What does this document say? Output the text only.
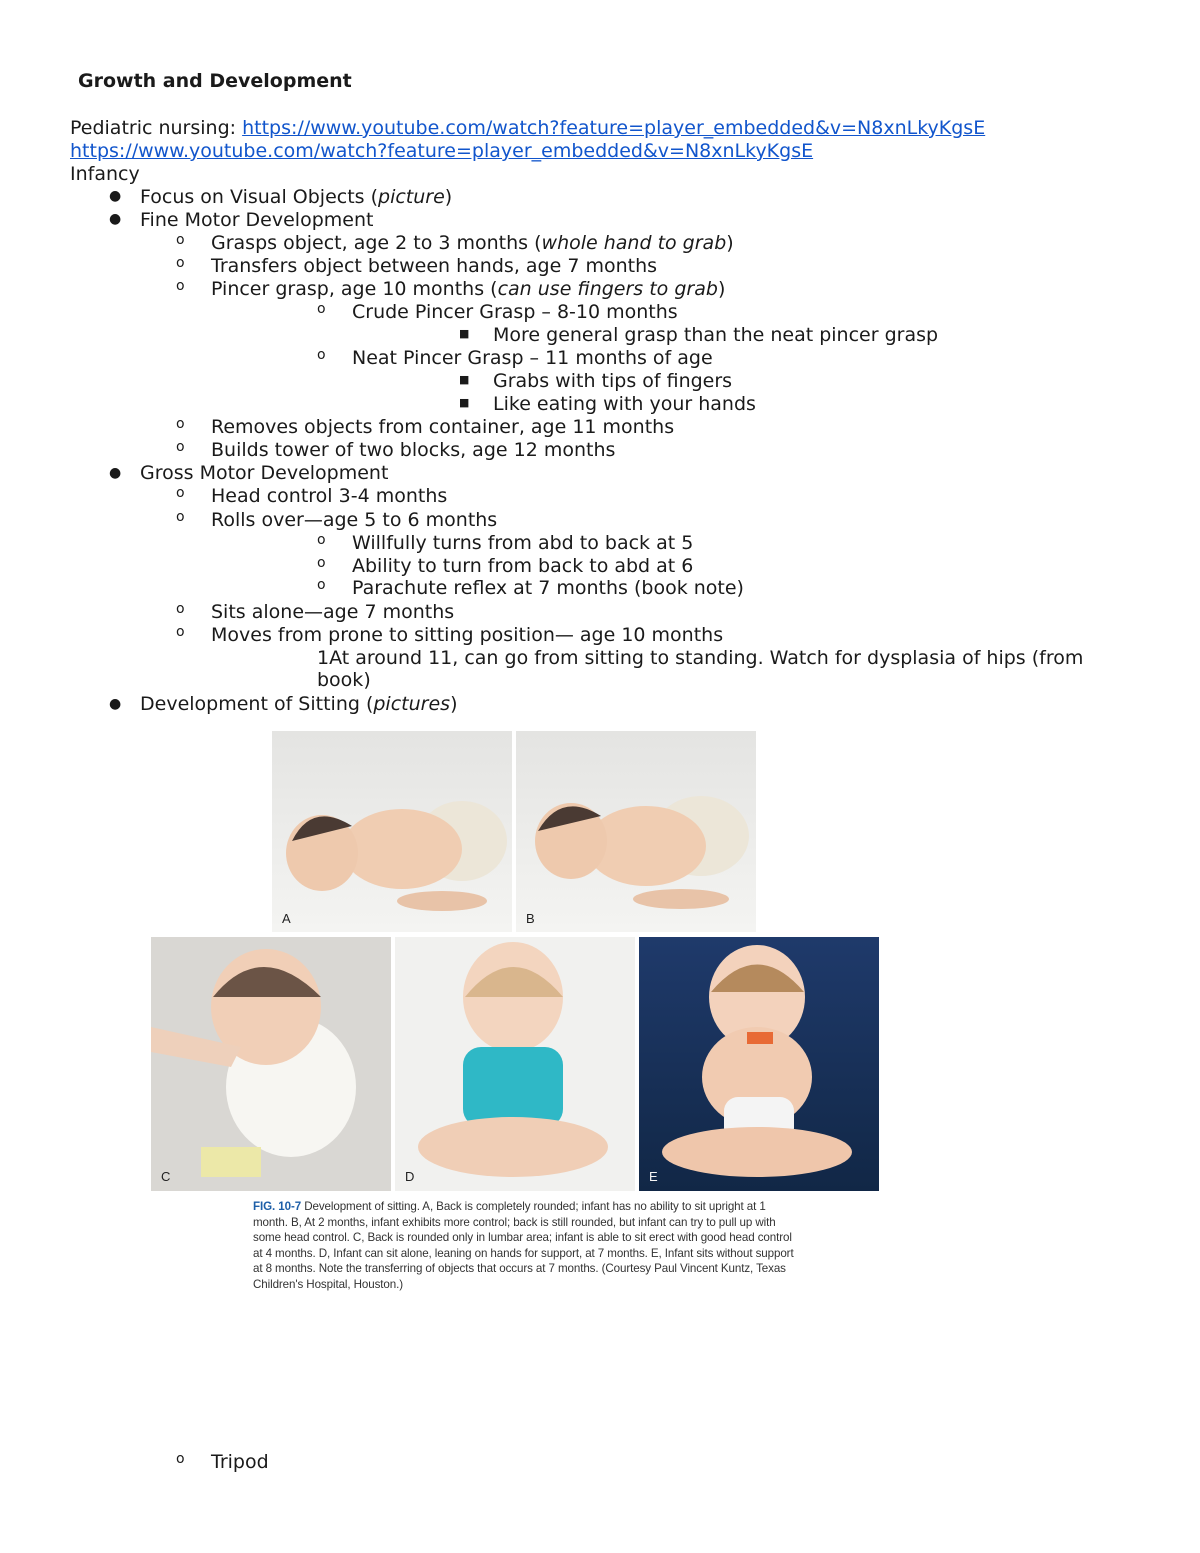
Growth and Development
Pediatric nursing: https://www.youtube.com/watch?feature=player_embedded&v=N8xnLkyKgsE
https://www.youtube.com/watch?feature=player_embedded&v=N8xnLkyKgsE
Infancy
● Focus on Visual Objects (picture)
● Fine Motor Development
o Grasps object, age 2 to 3 months (whole hand to grab)
o Transfers object between hands, age 7 months
o Pincer grasp, age 10 months (can use fingers to grab)
o Crude Pincer Grasp – 8-10 months
■ More general grasp than the neat pincer grasp
o Neat Pincer Grasp – 11 months of age
■ Grabs with tips of fingers
■ Like eating with your hands
o Removes objects from container, age 11 months
o Builds tower of two blocks, age 12 months
● Gross Motor Development
o Head control 3-4 months
o Rolls over—age 5 to 6 months
o Willfully turns from abd to back at 5
o Ability to turn from back to abd at 6
o Parachute reflex at 7 months (book note)
o Sits alone—age 7 months
o Moves from prone to sitting position— age 10 months
1At around 11, can go from sitting to standing. Watch for dysplasia of hips (from
book)
● Development of Sitting (pictures)
A	B
C	D	E
FIG. 10-7 Development of sitting. A, Back is completely rounded; infant has no ability to sit upright at 1 month. B, At 2 months, infant exhibits more control; back is still rounded, but infant can try to pull up with some head control. C, Back is rounded only in lumbar area; infant is able to sit erect with good head control at 4 months. D, Infant can sit alone, leaning on hands for support, at 7 months. E, Infant sits without support at 8 months. Note the transferring of objects that occurs at 7 months. (Courtesy Paul Vincent Kuntz, Texas Children's Hospital, Houston.)
o Tripod
